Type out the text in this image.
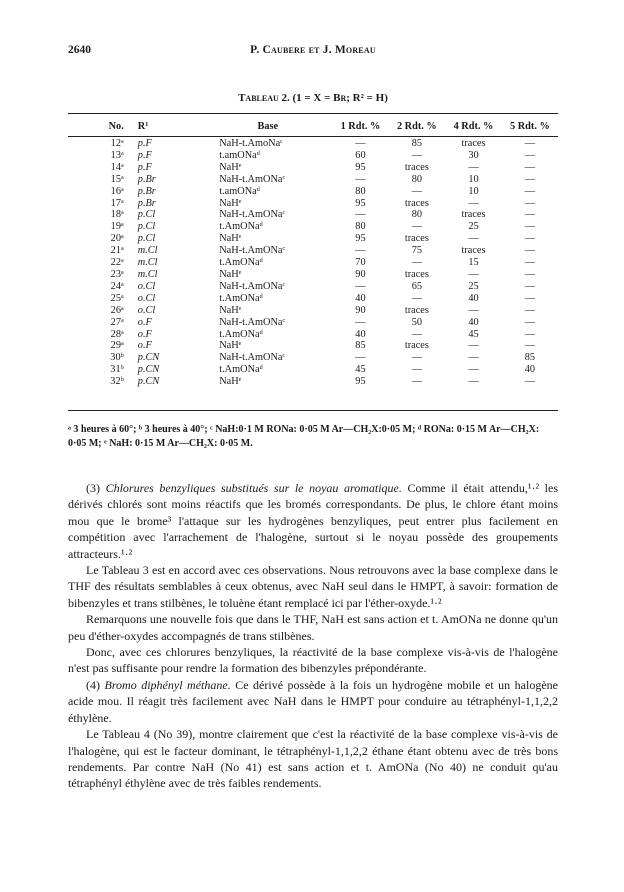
2640	P. Caubere et J. Moreau
Tableau 2. (1 = X = Br; R² = H)
No.	R¹	Base	1 Rdt. %	2 Rdt. %	4 Rdt. %	5 Rdt. %
12ᵃ	p.F	NaH-t.AmoNaᶜ	—	85	traces	—
13ᵃ	p.F	t.amONaᵈ	60	—	30	—
14ᵃ	p.F	NaHᵉ	95	traces	—	—
15ᵃ	p.Br	NaH-t.AmONaᶜ	—	80	10	—
16ᵃ	p.Br	t.amONaᵈ	80	—	10	—
17ᵃ	p.Br	NaHᵉ	95	traces	—	—
18ᵃ	p.Cl	NaH-t.AmONaᶜ	—	80	traces	—
19ᵃ	p.Cl	t.AmONaᵈ	80	—	25	—
20ᵃ	p.Cl	NaHᵉ	95	traces	—	—
21ᵃ	m.Cl	NaH-t.AmONaᶜ	—	75	traces	—
22ᵃ	m.Cl	t.AmONaᵈ	70	—	15	—
23ᵃ	m.Cl	NaHᵉ	90	traces	—	—
24ᵃ	o.Cl	NaH-t.AmONaᶜ	—	65	25	—
25ᵃ	o.Cl	t.AmONaᵈ	40	—	40	—
26ᵃ	o.Cl	NaHᵉ	90	traces	—	—
27ᵃ	o.F	NaH-t.AmONaᶜ	—	50	40	—
28ᵃ	o.F	t.AmONaᵈ	40	—	45	—
29ᵃ	o.F	NaHᵉ	85	traces	—	—
30ᵇ	p.CN	NaH-t.AmONaᶜ	—	—	—	85
31ᵇ	p.CN	t.AmONaᵈ	45	—	—	40
32ᵇ	p.CN	NaHᵉ	95	—	—	—
ᵃ 3 heures à 60°; ᵇ 3 heures à 40°; ᶜ NaH:0·1 M RONa: 0·05 M Ar—CH₂X:0·05 M; ᵈ RONa: 0·15 M Ar—CH₂X: 0·05 M; ᵉ NaH: 0·15 M Ar—CH₂X: 0·05 M.

(3) Chlorures benzyliques substitués sur le noyau aromatique. Comme il était attendu,¹·² les dérivés chlorés sont moins réactifs que les bromés correspondants. De plus, le chlore étant moins mou que le brome³ l'attaque sur les hydrogènes benzyliques, peut entrer plus facilement en compétition avec l'arrachement de l'halogène, surtout si le noyau possède des groupements attracteurs.¹·²

Le Tableau 3 est en accord avec ces observations. Nous retrouvons avec la base complexe dans le THF des résultats semblables à ceux obtenus, avec NaH seul dans le HMPT, à savoir: formation de bibenzyles et trans stilbènes, le toluène étant remplacé ici par l'éther-oxyde.¹·²

Remarquons une nouvelle fois que dans le THF, NaH est sans action et t. AmONa ne donne qu'un peu d'éther-oxydes accompagnés de trans stilbènes.

Donc, avec ces chlorures benzyliques, la réactivité de la base complexe vis-à-vis de l'halogène n'est pas suffisante pour rendre la formation des bibenzyles prépondérante.

(4) Bromo diphényl méthane. Ce dérivé possède à la fois un hydrogène mobile et un halogène acide mou. Il réagit très facilement avec NaH dans le HMPT pour conduire au tétraphényl-1,1,2,2 éthylène.

Le Tableau 4 (No 39), montre clairement que c'est la réactivité de la base complexe vis-à-vis de l'halogène, qui est le facteur dominant, le tétraphényl-1,1,2,2 éthane étant obtenu avec de très bons rendements. Par contre NaH (No 41) est sans action et t. AmONa (No 40) ne conduit qu'au tétraphényl éthylène avec de très faibles rendements.
